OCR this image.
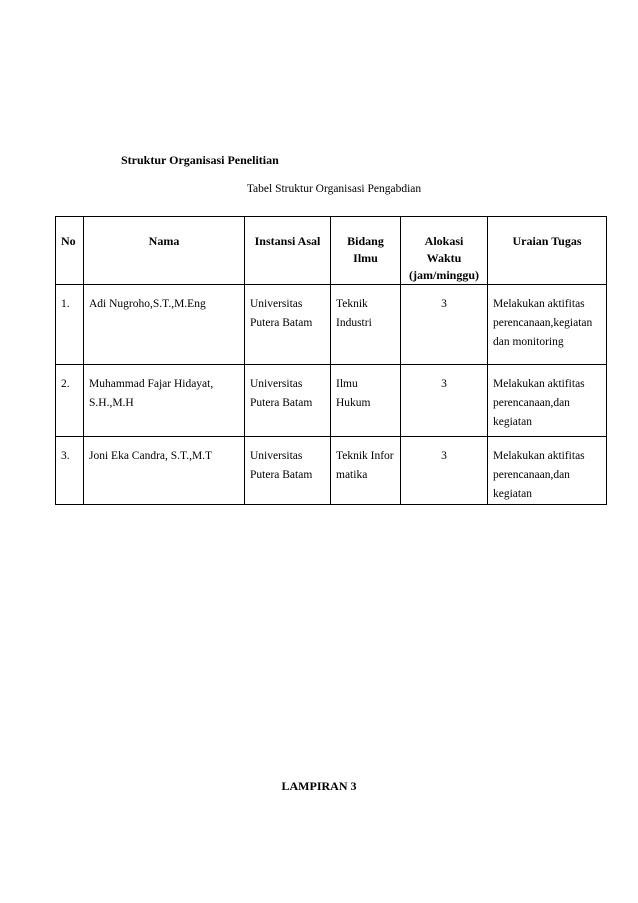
Struktur Organisasi Penelitian
Tabel Struktur Organisasi Pengabdian
No	Nama	Instansi Asal	Bidang Ilmu	Alokasi Waktu (jam/minggu)	Uraian Tugas
1.	Adi Nugroho,S.T.,M.Eng	Universitas Putera Batam	Teknik Industri	3	Melakukan aktifitas perencanaan,kegiatan dan monitoring
2.	Muhammad Fajar Hidayat, S.H.,M.H	Universitas Putera Batam	Ilmu Hukum	3	Melakukan aktifitas perencanaan,dan kegiatan
3.	Joni Eka Candra, S.T.,M.T	Universitas Putera Batam	Teknik Informatika	3	Melakukan aktifitas perencanaan,dan kegiatan
LAMPIRAN 3
